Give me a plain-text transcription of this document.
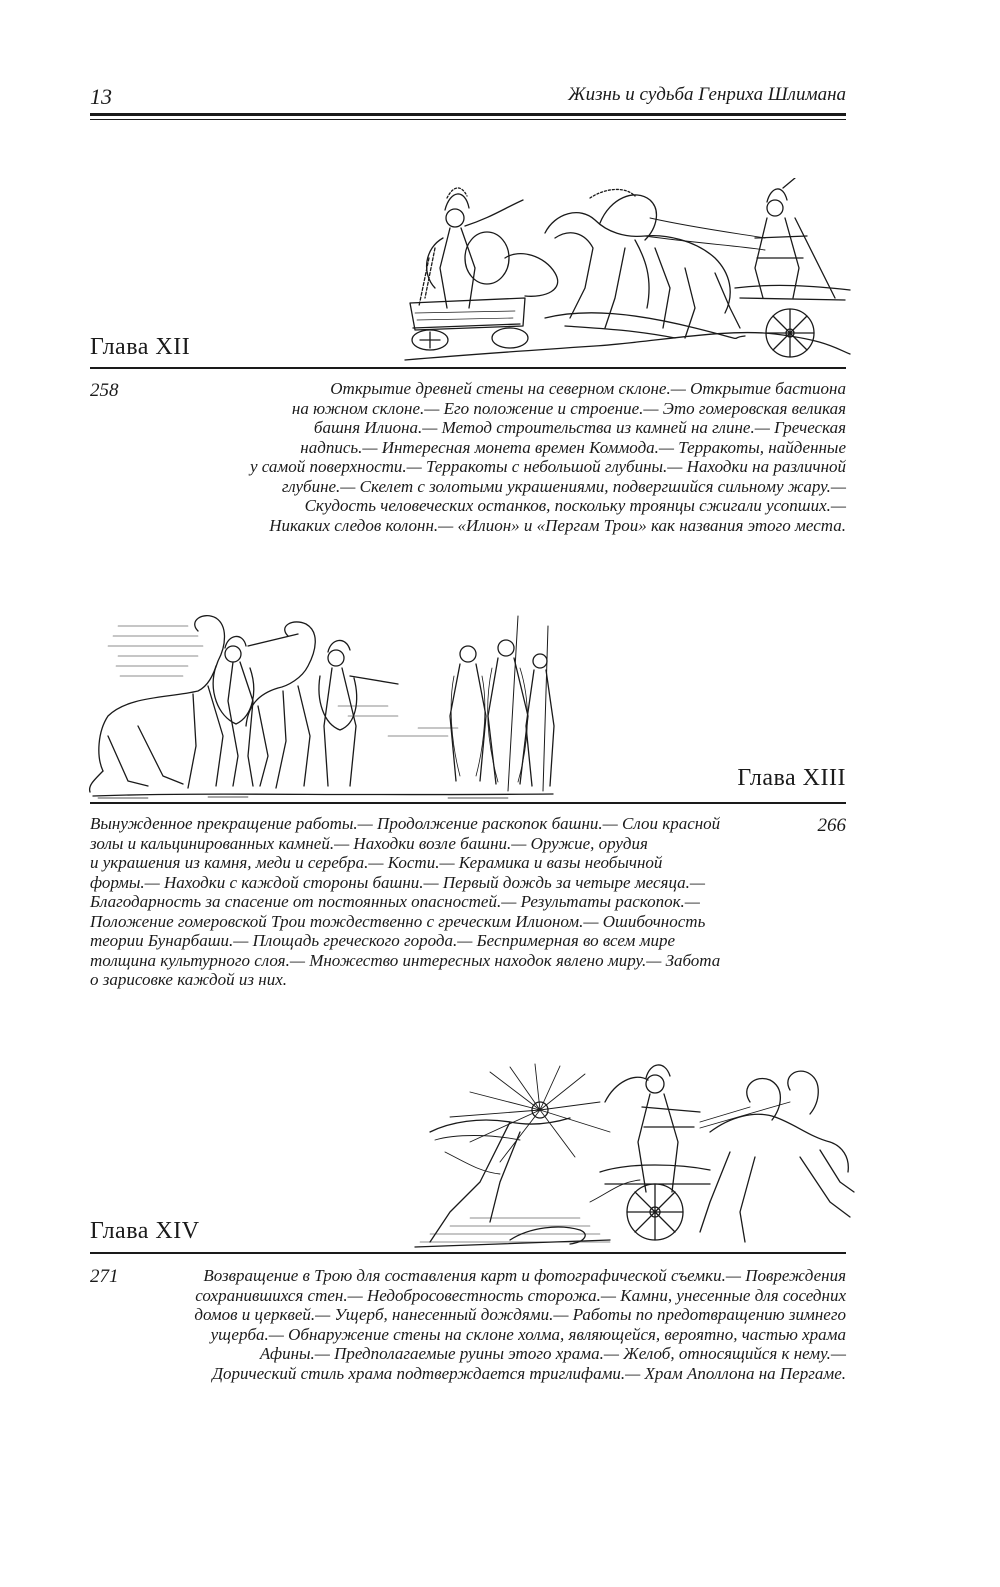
13	Жизнь и судьба Генриха Шлимана
Глава XII
258	Открытие древней стены на северном склоне.— Открытие бастиона
на южном склоне.— Его положение и строение.— Это гомеровская великая
башня Илиона.— Метод строительства из камней на глине.— Греческая
надпись.— Интересная монета времен Коммода.— Терракоты, найденные
у самой поверхности.— Терракоты с небольшой глубины.— Находки на различной
глубине.— Скелет с золотыми украшениями, подвергшийся сильному жару.—
Скудость человеческих останков, поскольку троянцы сжигали усопших.—
Никаких следов колонн.— «Илион» и «Пергам Трои» как названия этого места.
Глава XIII
266
Вынужденное прекращение работы.— Продолжение раскопок башни.— Слои красной
золы и кальцинированных камней.— Находки возле башни.— Оружие, орудия
и украшения из камня, меди и серебра.— Кости.— Керамика и вазы необычной
формы.— Находки с каждой стороны башни.— Первый дождь за четыре месяца.—
Благодарность за спасение от постоянных опасностей.— Результаты раскопок.—
Положение гомеровской Трои тождественно с греческим Илионом.— Ошибочность
теории Бунарбаши.— Площадь греческого города.— Беспримерная во всем мире
толщина культурного слоя.— Множество интересных находок явлено миру.— Забота
о зарисовке каждой из них.
Глава XIV
271	Возвращение в Трою для составления карт и фотографической съемки.— Повреждения
сохранившихся стен.— Недобросовестность сторожа.— Камни, унесенные для соседних
домов и церквей.— Ущерб, нанесенный дождями.— Работы по предотвращению зимнего
ущерба.— Обнаружение стены на склоне холма, являющейся, вероятно, частью храма
Афины.— Предполагаемые руины этого храма.— Желоб, относящийся к нему.—
Дорический стиль храма подтверждается триглифами.— Храм Аполлона на Пергаме.
